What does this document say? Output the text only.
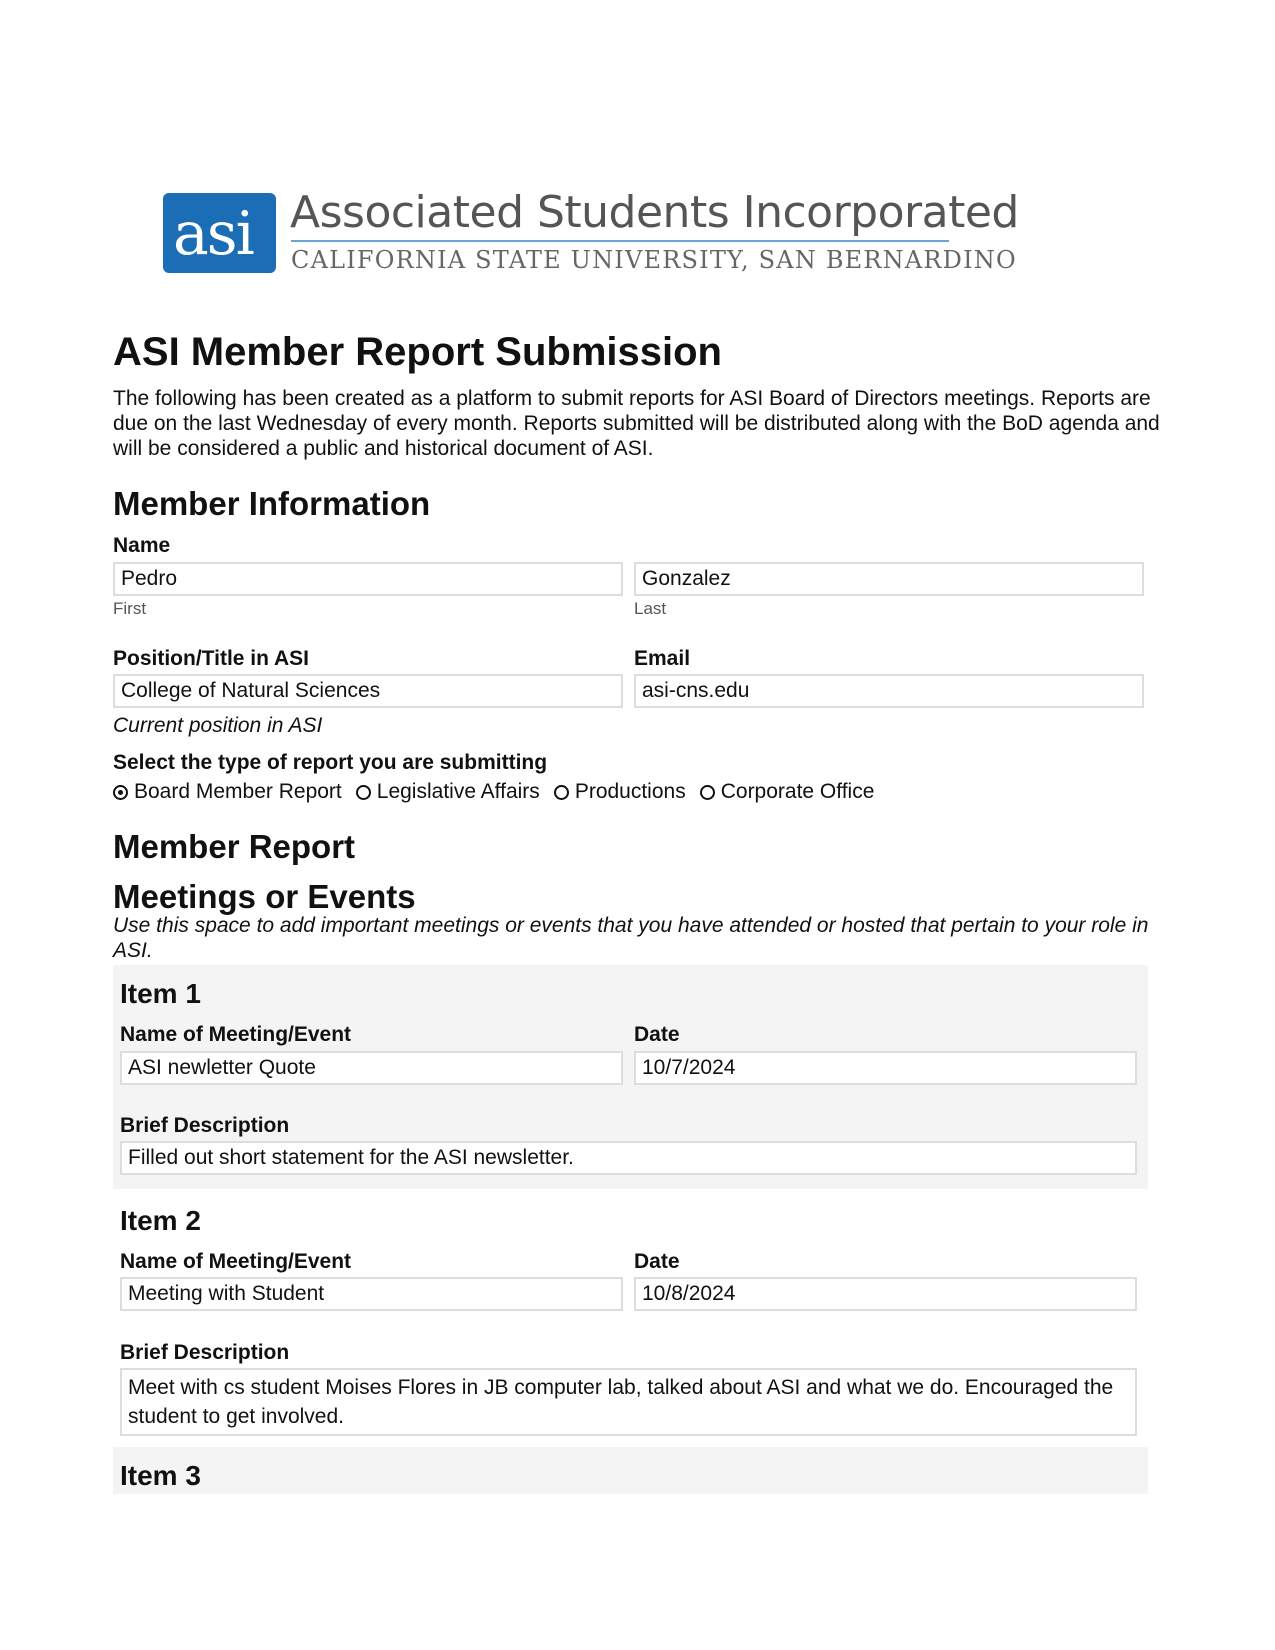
asi Associated Students Incorporated
CALIFORNIA STATE UNIVERSITY, SAN BERNARDINO
ASI Member Report Submission

The following has been created as a platform to submit reports for ASI Board of Directors meetings. Reports are due on the last Wednesday of every month. Reports submitted will be distributed along with the BoD agenda and will be considered a public and historical document of ASI.

Member Information
Name
Pedro
First
Gonzalez
Last
Position/Title in ASI
College of Natural Sciences
Current position in ASI
Email
asi-cns.edu
Select the type of report you are submitting
Board Member Report Legislative Affairs Productions Corporate Office
Member Report
Meetings or Events
Use this space to add important meetings or events that you have attended or hosted that pertain to your role in ASI.
Item 1
Name of Meeting/Event
ASI newletter Quote
Date
10/7/2024
Brief Description
Filled out short statement for the ASI newsletter.
Item 2
Name of Meeting/Event
Meeting with Student
Date
10/8/2024
Brief Description
Meet with cs student Moises Flores in JB computer lab, talked about ASI and what we do. Encouraged the student to get involved.
Item 3
